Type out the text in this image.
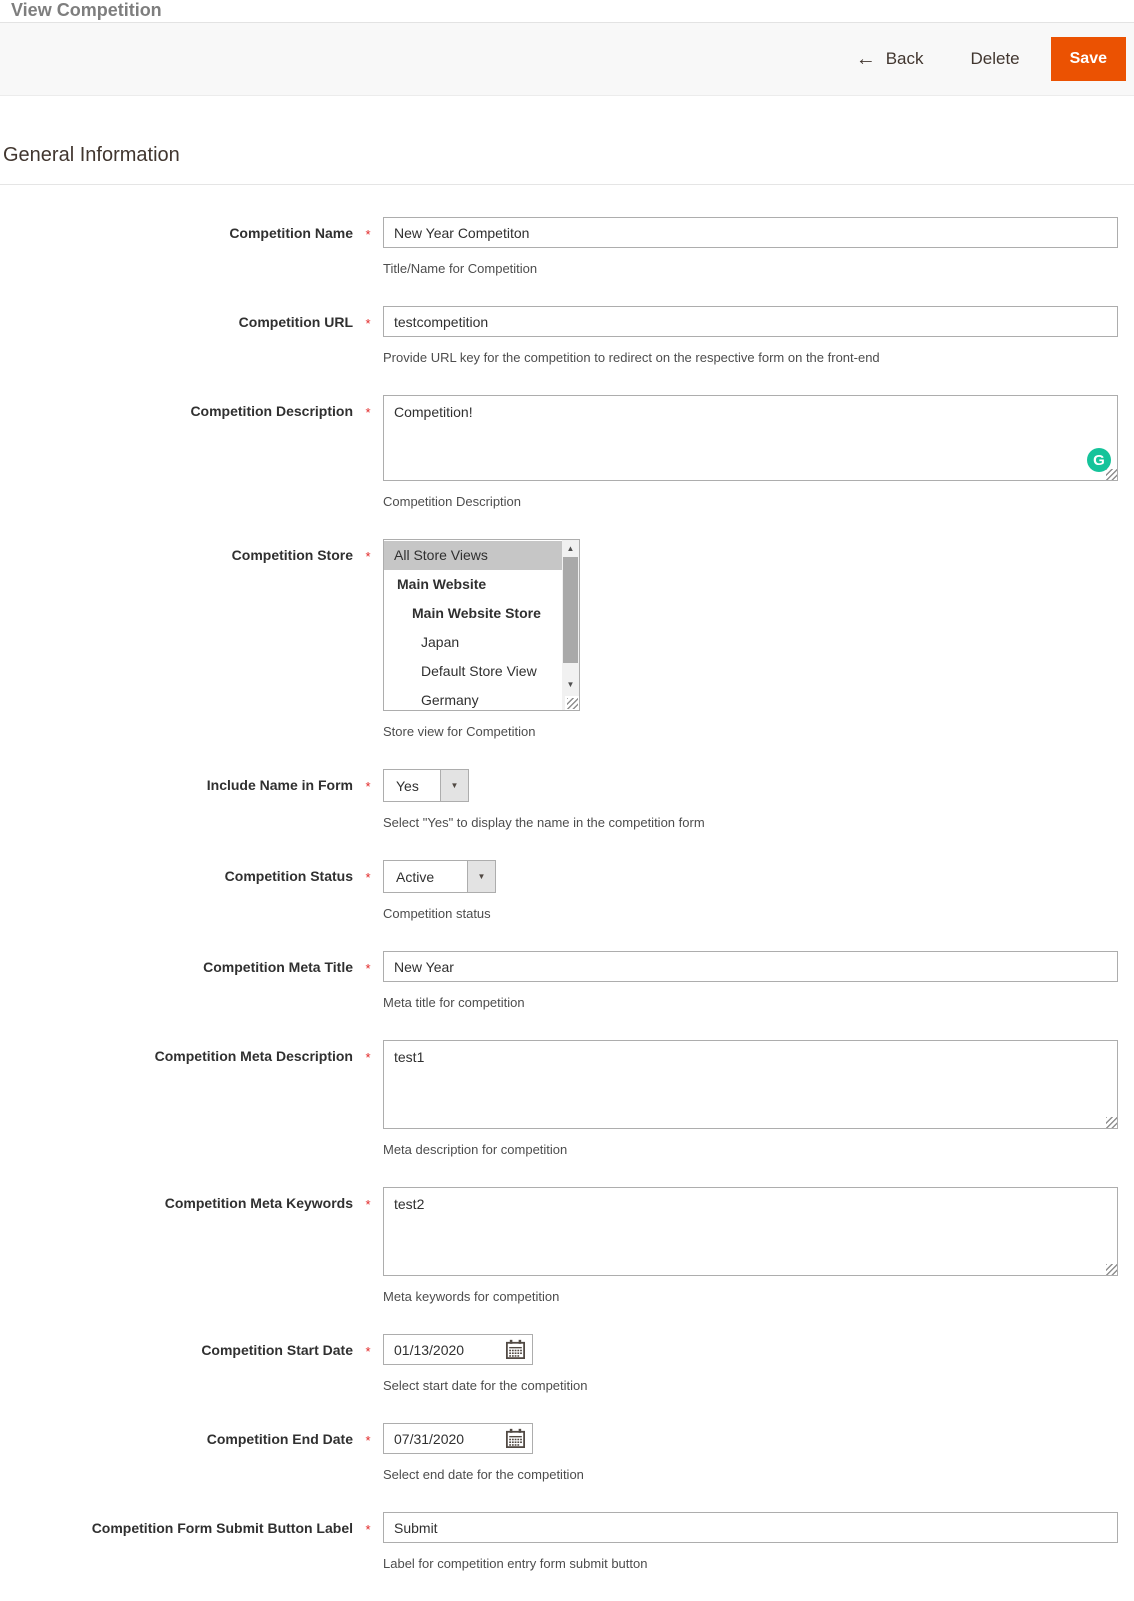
View Competition
← Back	Delete	Save
General Information
Competition Name *
New Year Competiton
Title/Name for Competition
Competition URL *
testcompetition
Provide URL key for the competition to redirect on the respective form on the front-end
Competition Description *
Competition!
G
Competition Description
Competition Store *	All Store Views
Main Website
Main Website Store
Japan
Default Store View
Germany
▲
▼
Store view for Competition
Include Name in Form *	Yes	▼
Select "Yes" to display the name in the competition form
Competition Status *	Active	▼
Competition status
Competition Meta Title *
New Year
Meta title for competition
Competition Meta Description *
test1
Meta description for competition
Competition Meta Keywords *
test2
Meta keywords for competition
Competition Start Date *	01/13/2020
Select start date for the competition
Competition End Date *	07/31/2020
Select end date for the competition
Competition Form Submit Button Label *
Submit
Label for competition entry form submit button
